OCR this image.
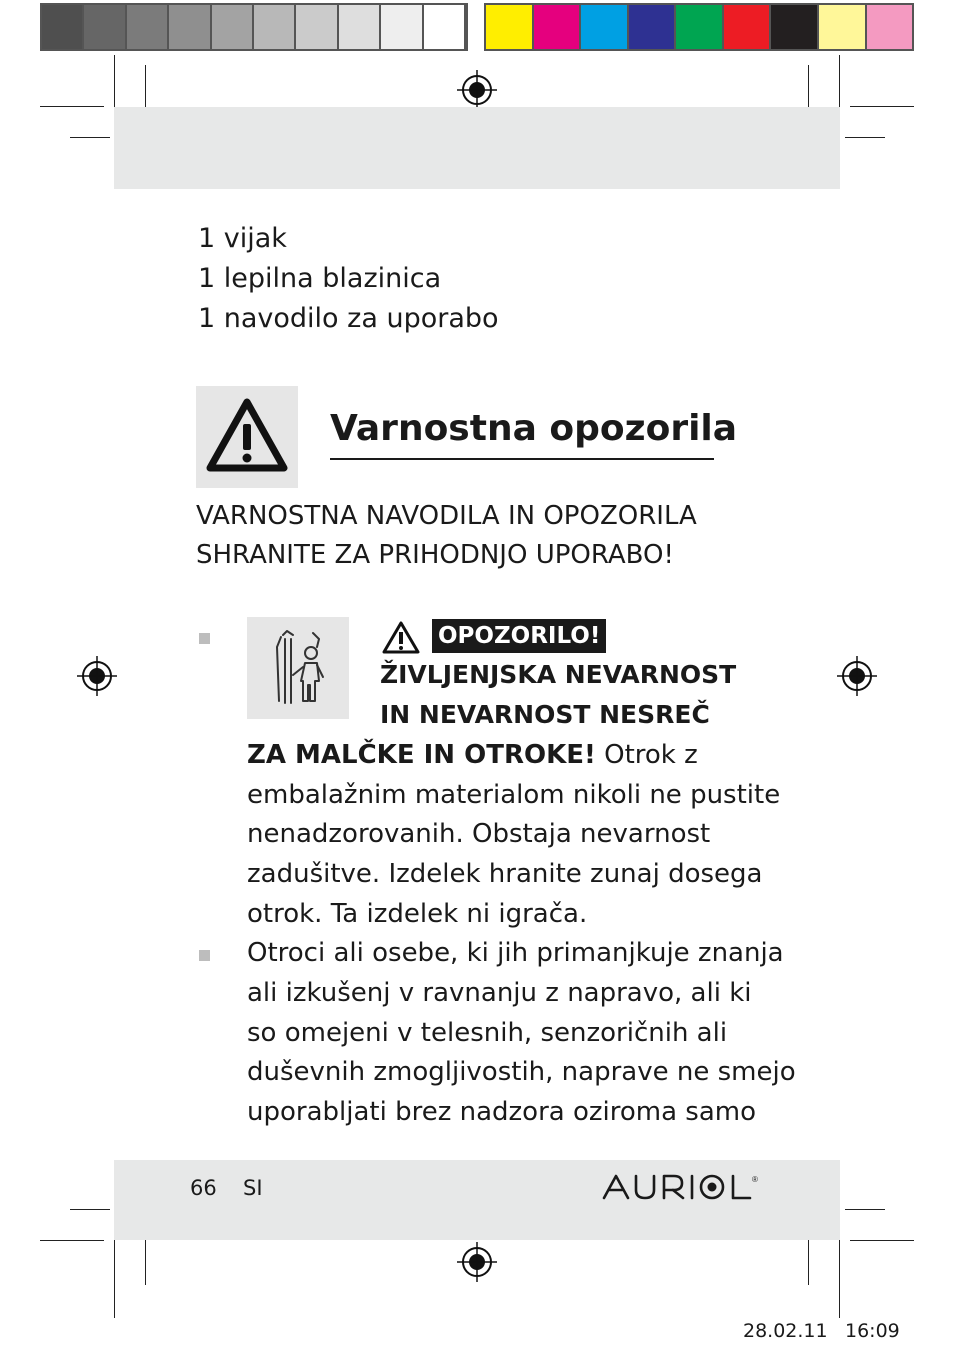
1 vijak
1 lepilna blazinica
1 navodilo za uporabo
Varnostna opozorila
VARNOSTNA NAVODILA IN OPOZORILA
SHRANITE ZA PRIHODNJO UPORABO!
OPOZORILO!
ŽIVLJENJSKA NEVARNOST
IN NEVARNOST NESREČ
ZA MALČKE IN OTROKE! Otrok z
embalažnim materialom nikoli ne pustite
nenadzorovanih. Obstaja nevarnost
zadušitve. Izdelek hranite zunaj dosega
otrok. Ta izdelek ni igrača.
Otroci ali osebe, ki jih primanjkuje znanja
ali izkušenj v ravnanju z napravo, ali ki
so omejeni v telesnih, senzoričnih ali
duševnih zmogljivostih, naprave ne smejo
uporabljati brez nadzora oziroma samo
66 SI	®
28.02.11 16:09
